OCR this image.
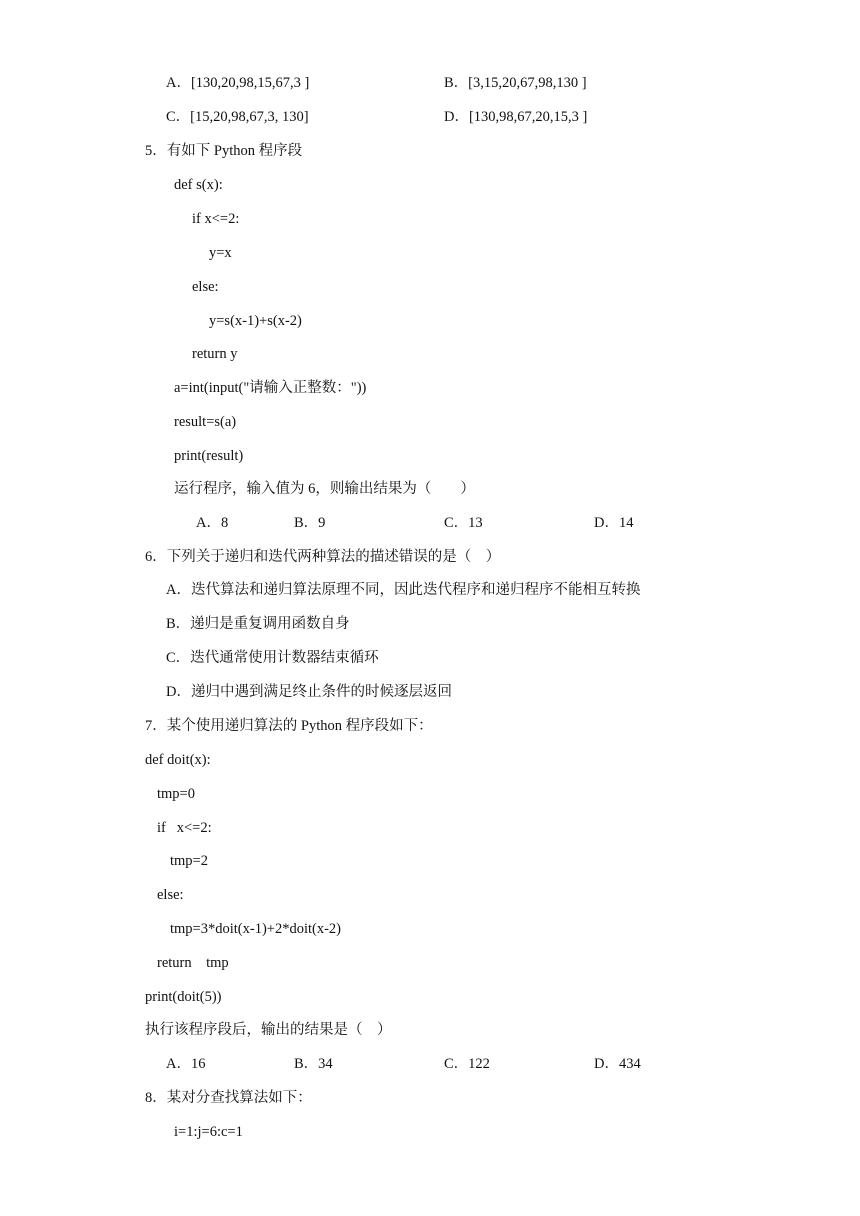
A．[130,20,98,15,67,3 ]	B．[3,15,20,67,98,130 ]
C．[15,20,98,67,3, 130]	D．[130,98,67,20,15,3 ]
5．有如下 Python 程序段
def s(x):
if x<=2:
y=x
else:
y=s(x-1)+s(x-2)
return y
a=int(input("请输入正整数："))
result=s(a)
print(result)
运行程序，输入值为 6，则输出结果为（　　）
A．8	B．9	C．13	D．14
6．下列关于递归和迭代两种算法的描述错误的是（　）
A．迭代算法和递归算法原理不同，因此迭代程序和递归程序不能相互转换
B．递归是重复调用函数自身
C．迭代通常使用计数器结束循环
D．递归中遇到满足终止条件的时候逐层返回
7．某个使用递归算法的 Python 程序段如下：
def doit(x):
tmp=0
if   x<=2:
tmp=2
else:
tmp=3*doit(x-1)+2*doit(x-2)
return    tmp
print(doit(5))
执行该程序段后，输出的结果是（　）
A．16	B．34	C．122	D．434
8．某对分查找算法如下：
i=1:j=6:c=1
